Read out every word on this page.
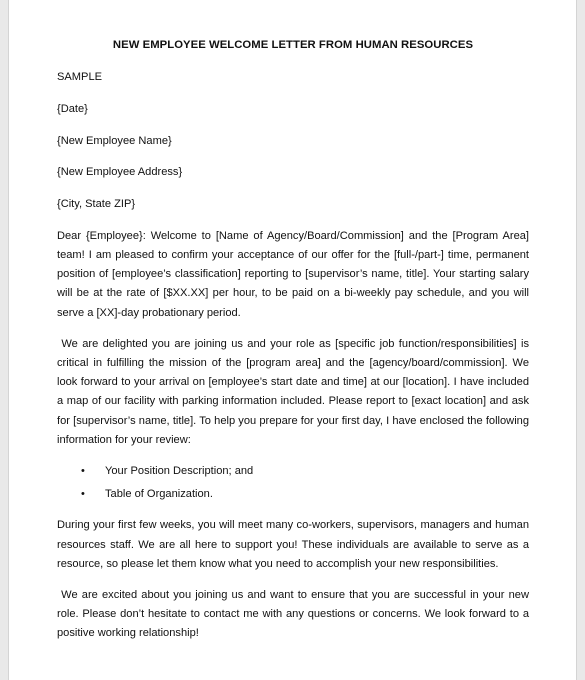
NEW EMPLOYEE WELCOME LETTER FROM HUMAN RESOURCES
SAMPLE
{Date}
{New Employee Name}
{New Employee Address}
{City, State ZIP}
Dear {Employee}: Welcome to [Name of Agency/Board/Commission] and the [Program Area] team! I am pleased to confirm your acceptance of our offer for the [full-/part-] time, permanent position of [employee’s classification] reporting to [supervisor’s name, title]. Your starting salary will be at the rate of [$XX.XX] per hour, to be paid on a bi-weekly pay schedule, and you will serve a [XX]-day probationary period.
We are delighted you are joining us and your role as [specific job function/responsibilities] is critical in fulfilling the mission of the [program area] and the [agency/board/commission]. We look forward to your arrival on [employee’s start date and time] at our [location]. I have included a map of our facility with parking information included. Please report to [exact location] and ask for [supervisor’s name, title]. To help you prepare for your first day, I have enclosed the following information for your review:
• Your Position Description; and
• Table of Organization.
During your first few weeks, you will meet many co-workers, supervisors, managers and human resources staff. We are all here to support you! These individuals are available to serve as a resource, so please let them know what you need to accomplish your new responsibilities.
We are excited about you joining us and want to ensure that you are successful in your new role. Please don’t hesitate to contact me with any questions or concerns. We look forward to a positive working relationship!
